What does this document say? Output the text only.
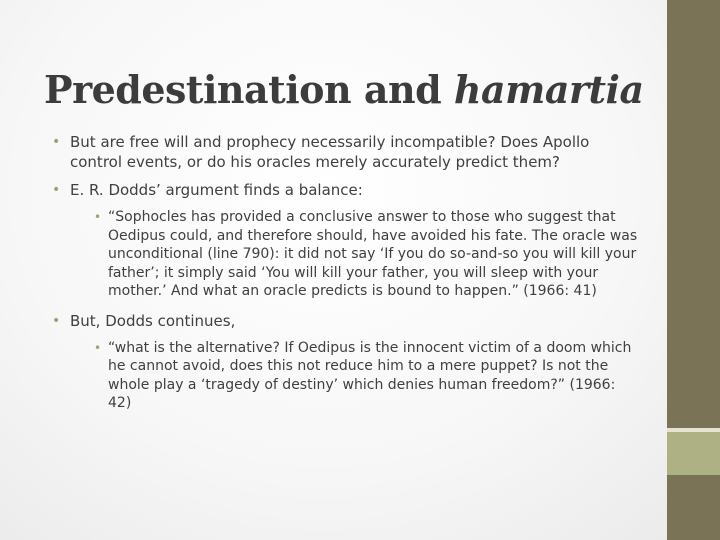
Predestination and hamartia
• But are free will and prophecy necessarily incompatible? Does Apollo control events, or do his oracles merely accurately predict them?
• E. R. Dodds’ argument finds a balance:
• “Sophocles has provided a conclusive answer to those who suggest that Oedipus could, and therefore should, have avoided his fate. The oracle was unconditional (line 790): it did not say ‘If you do so-and-so you will kill your father’; it simply said ‘You will kill your father, you will sleep with your mother.’ And what an oracle predicts is bound to happen.” (1966: 41)
• But, Dodds continues,
• “what is the alternative? If Oedipus is the innocent victim of a doom which he cannot avoid, does this not reduce him to a mere puppet? Is not the whole play a ‘tragedy of destiny’ which denies human freedom?” (1966: 42)
